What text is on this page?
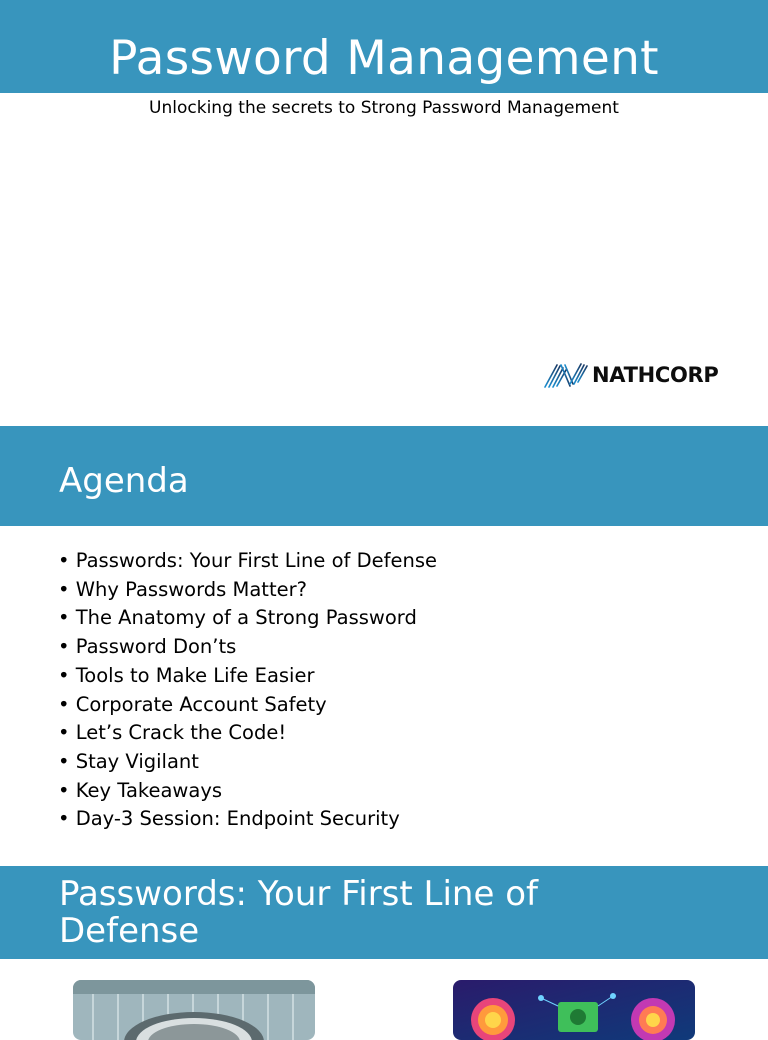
Password Management
Unlocking the secrets to Strong Password Management
NATHCORP
Agenda
• Passwords: Your First Line of Defense
• Why Passwords Matter?
• The Anatomy of a Strong Password
• Password Don’ts
• Tools to Make Life Easier
• Corporate Account Safety
• Let’s Crack the Code!
• Stay Vigilant
• Key Takeaways
• Day-3 Session: Endpoint Security
Passwords: Your First Line of Defense
